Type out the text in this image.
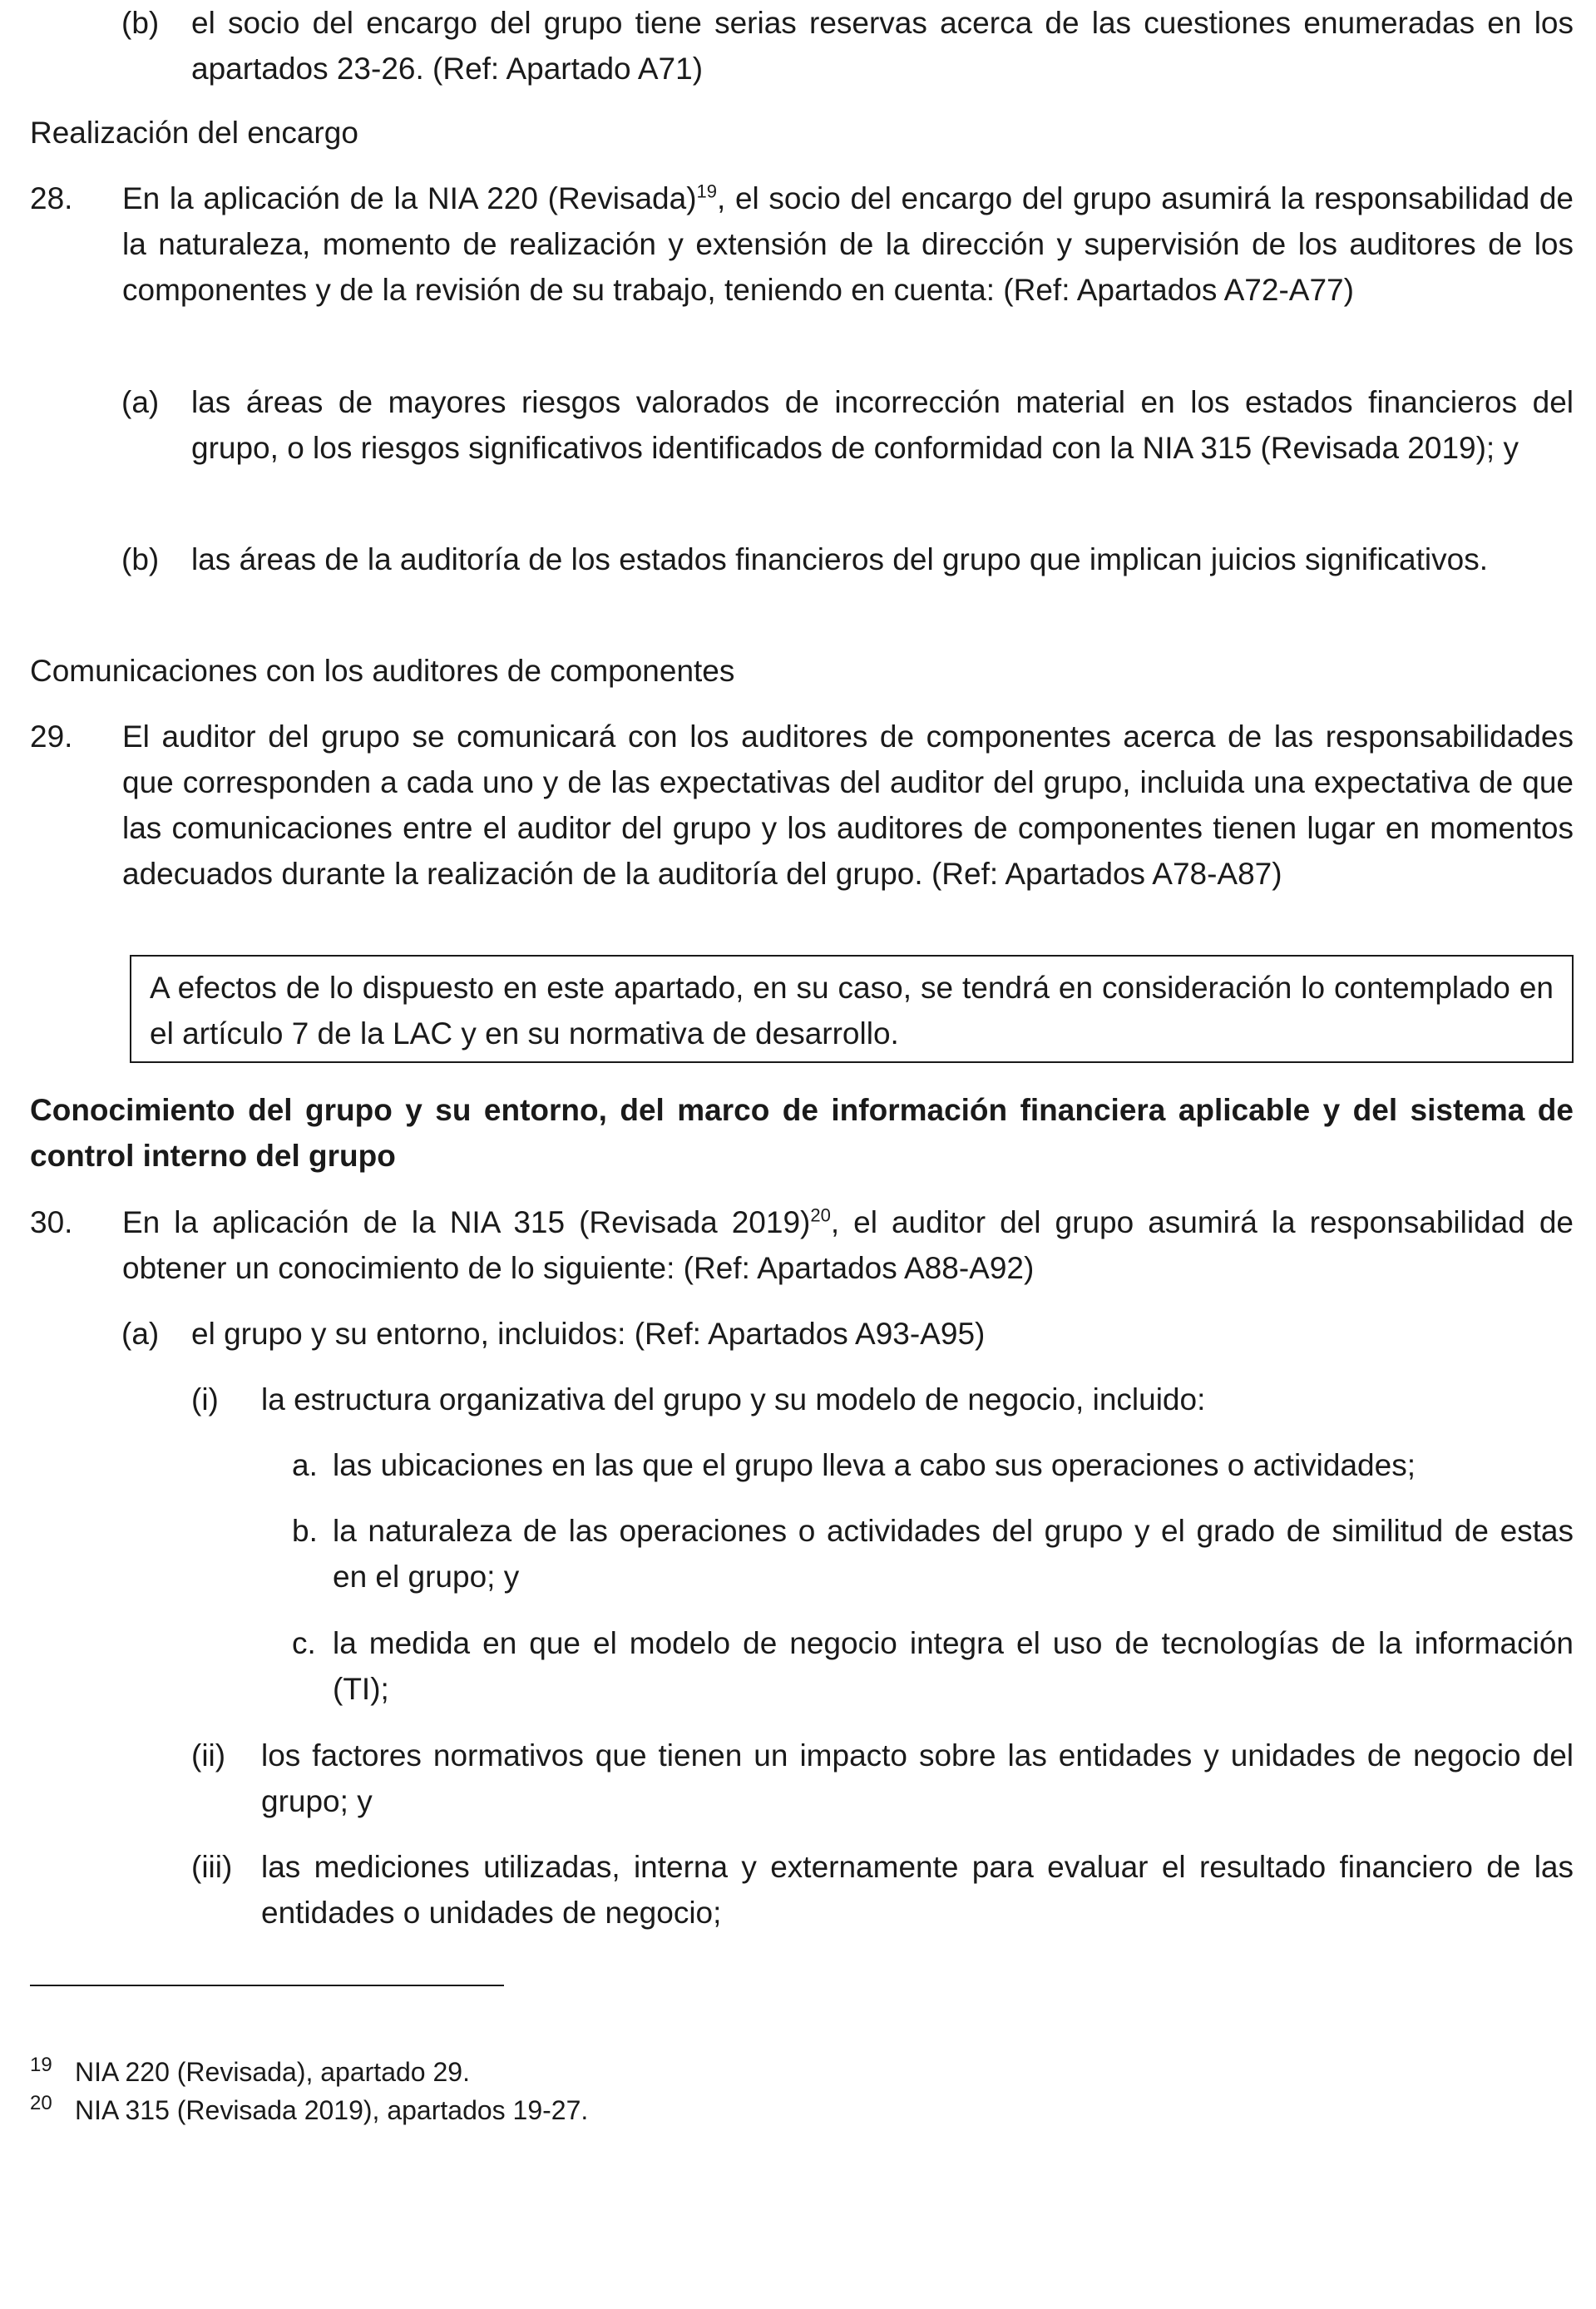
(b) el socio del encargo del grupo tiene serias reservas acerca de las cuestiones enumeradas en los apartados 23-26. (Ref: Apartado A71)
Realización del encargo
28. En la aplicación de la NIA 220 (Revisada)$^{19}$, el socio del encargo del grupo asumirá la responsabilidad de la naturaleza, momento de realización y extensión de la dirección y supervisión de los auditores de los componentes y de la revisión de su trabajo, teniendo en cuenta: (Ref: Apartados A72-A77)
(a) las áreas de mayores riesgos valorados de incorrección material en los estados financieros del grupo, o los riesgos significativos identificados de conformidad con la NIA 315 (Revisada 2019); y
(b) las áreas de la auditoría de los estados financieros del grupo que implican juicios significativos.
Comunicaciones con los auditores de componentes
29. El auditor del grupo se comunicará con los auditores de componentes acerca de las responsabilidades que corresponden a cada uno y de las expectativas del auditor del grupo, incluida una expectativa de que las comunicaciones entre el auditor del grupo y los auditores de componentes tienen lugar en momentos adecuados durante la realización de la auditoría del grupo. (Ref: Apartados A78-A87)
A efectos de lo dispuesto en este apartado, en su caso, se tendrá en consideración lo contemplado en el artículo 7 de la LAC y en su normativa de desarrollo.
Conocimiento del grupo y su entorno, del marco de información financiera aplicable y del sistema de control interno del grupo
30. En la aplicación de la NIA 315 (Revisada 2019)$^{20}$, el auditor del grupo asumirá la responsabilidad de obtener un conocimiento de lo siguiente: (Ref: Apartados A88-A92)
(a) el grupo y su entorno, incluidos: (Ref: Apartados A93-A95)
(i) la estructura organizativa del grupo y su modelo de negocio, incluido:
a. las ubicaciones en las que el grupo lleva a cabo sus operaciones o actividades;
b. la naturaleza de las operaciones o actividades del grupo y el grado de similitud de estas en el grupo; y
c. la medida en que el modelo de negocio integra el uso de tecnologías de la información (TI);
(ii) los factores normativos que tienen un impacto sobre las entidades y unidades de negocio del grupo; y
(iii) las mediciones utilizadas, interna y externamente para evaluar el resultado financiero de las entidades o unidades de negocio;
19 NIA 220 (Revisada), apartado 29.
20 NIA 315 (Revisada 2019), apartados 19-27.
